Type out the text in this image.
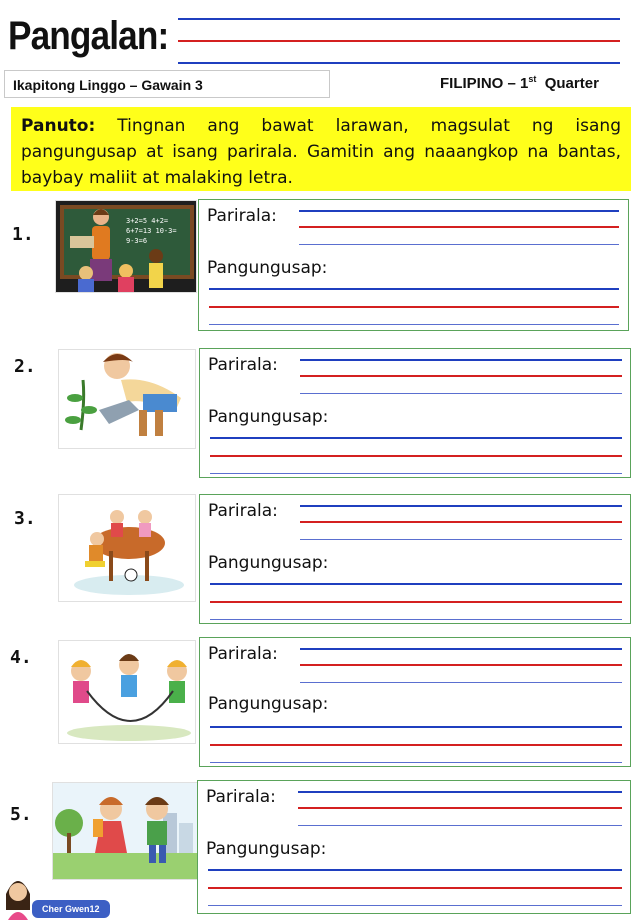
Pangalan:
Ikapitong Linggo – Gawain 3	FILIPINO – 1st Quarter
Panuto: Tingnan ang bawat larawan, magsulat ng isang pangungusap at isang parirala. Gamitin ang naaangkop na bantas, baybay maliit at malaking letra.
1.
3+2=5 4+2=
6+7=13 10-3=
9-3=6
Parirala:
Pangungusap:
2.	Parirala:
Pangungusap:
3.	Parirala:
Pangungusap:
4.	Parirala:
Pangungusap:
5.
Parirala:
Pangungusap:
Cher Gwen12
